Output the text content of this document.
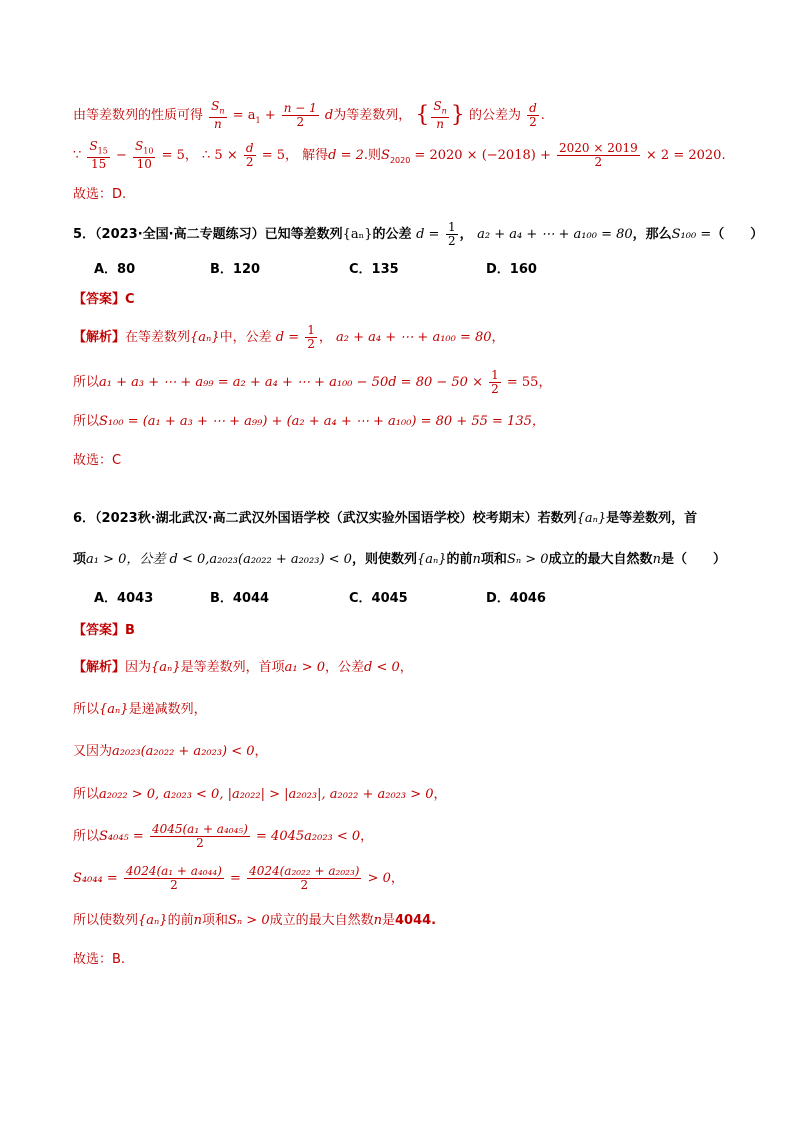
由等差数列的性质可得 $\frac{S_n}{n} = a_1 + \frac{n - 1}{2}$ d为等差数列， { $\frac{S_n}{n}$ } 的公差为 $\frac{d}{2}$ .
∵ $\frac{S_{15}}{15} - \frac{S_{10}}{10} = 5$， ∴ $5 \times \frac{d}{2} = 5$， 解得d = 2.则$S_{2020} = 2020 \times (-2018) + \frac{2020 \times 2019}{2} \times 2 = 2020$.
故选：D.
5．（2023·全国·高二专题练习）已知等差数列{aₙ}的公差 $d = \frac{1}{2}$ ， a₂ + a₄ + ⋯ + a₁₀₀ = 80，那么S₁₀₀ =（　　）
A．80	B．120	C．135	D．160
【答案】C
【解析】在等差数列{aₙ}中，公差 $d = \frac{1}{2}$ ， a₂ + a₄ + ⋯ + a₁₀₀ = 80，
所以a₁ + a₃ + ⋯ + a₉₉ = a₂ + a₄ + ⋯ + $a_{100} - 50d = 80 - 50 \times \frac{1}{2} = 55$，
所以S₁₀₀ = (a₁ + a₃ + ⋯ + a₉₉) + (a₂ + a₄ + ⋯ + a₁₀₀) = 80 + 55 = 135，
故选：C
6．（2023秋·湖北武汉·高二武汉外国语学校（武汉实验外国语学校）校考期末）若数列{aₙ}是等差数列，首
项a₁ > 0，公差 d < 0,a₂₀₂₃(a₂₀₂₂ + a₂₀₂₃) < 0，则使数列{aₙ}的前n项和Sₙ > 0成立的最大自然数n是（　　）
A．4043	B．4044	C．4045	D．4046
【答案】B
【解析】因为{aₙ}是等差数列，首项a₁ > 0，公差d < 0，
所以{aₙ}是递减数列，
又因为a₂₀₂₃(a₂₀₂₂ + a₂₀₂₃) < 0，
所以a₂₀₂₂ > 0, a₂₀₂₃ < 0, |a₂₀₂₂| > |a₂₀₂₃|, a₂₀₂₂ + a₂₀₂₃ > 0，
所以$S_{4045} = \frac{\text{4045(a₁ + a₄₀₄₅)}}{2} = 4045a_{2023} < 0$，
$S_{4044} = \frac{\text{4024(a₁ + a₄₀₄₄)}}{2} = \frac{\text{4024(a₂₀₂₂ + a₂₀₂₃)}}{2} > 0$，
所以使数列{aₙ}的前n项和Sₙ > 0成立的最大自然数n是4044.
故选：B.
